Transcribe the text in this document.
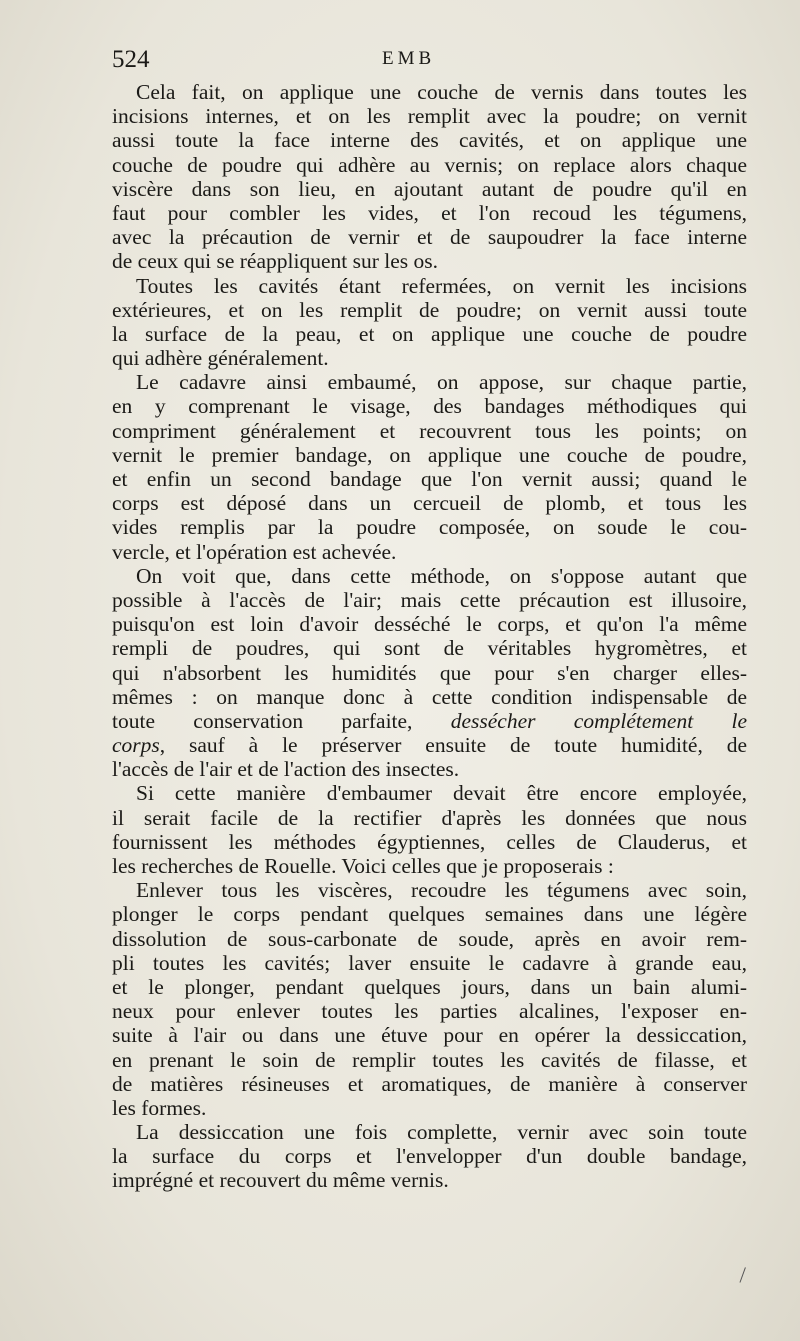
524	EMB
Cela fait, on applique une couche de vernis dans toutes les
incisions internes, et on les remplit avec la poudre; on vernit
aussi toute la face interne des cavités, et on applique une
couche de poudre qui adhère au vernis; on replace alors chaque
viscère dans son lieu, en ajoutant autant de poudre qu'il en
faut pour combler les vides, et l'on recoud les tégumens,
avec la précaution de vernir et de saupoudrer la face interne
de ceux qui se réappliquent sur les os.
Toutes les cavités étant refermées, on vernit les incisions
extérieures, et on les remplit de poudre; on vernit aussi toute
la surface de la peau, et on applique une couche de poudre
qui adhère généralement.
Le cadavre ainsi embaumé, on appose, sur chaque partie,
en y comprenant le visage, des bandages méthodiques qui
compriment généralement et recouvrent tous les points; on
vernit le premier bandage, on applique une couche de poudre,
et enfin un second bandage que l'on vernit aussi; quand le
corps est déposé dans un cercueil de plomb, et tous les
vides remplis par la poudre composée, on soude le cou-
vercle, et l'opération est achevée.
On voit que, dans cette méthode, on s'oppose autant que
possible à l'accès de l'air; mais cette précaution est illusoire,
puisqu'on est loin d'avoir desséché le corps, et qu'on l'a même
rempli de poudres, qui sont de véritables hygromètres, et
qui n'absorbent les humidités que pour s'en charger elles-
mêmes : on manque donc à cette condition indispensable de
toute conservation parfaite, dessécher complétement le
corps, sauf à le préserver ensuite de toute humidité, de
l'accès de l'air et de l'action des insectes.
Si cette manière d'embaumer devait être encore employée,
il serait facile de la rectifier d'après les données que nous
fournissent les méthodes égyptiennes, celles de Clauderus, et
les recherches de Rouelle. Voici celles que je proposerais :
Enlever tous les viscères, recoudre les tégumens avec soin,
plonger le corps pendant quelques semaines dans une légère
dissolution de sous-carbonate de soude, après en avoir rem-
pli toutes les cavités; laver ensuite le cadavre à grande eau,
et le plonger, pendant quelques jours, dans un bain alumi-
neux pour enlever toutes les parties alcalines, l'exposer en-
suite à l'air ou dans une étuve pour en opérer la dessiccation,
en prenant le soin de remplir toutes les cavités de filasse, et
de matières résineuses et aromatiques, de manière à conserver
les formes.
La dessiccation une fois complette, vernir avec soin toute
la surface du corps et l'envelopper d'un double bandage,
imprégné et recouvert du même vernis.
